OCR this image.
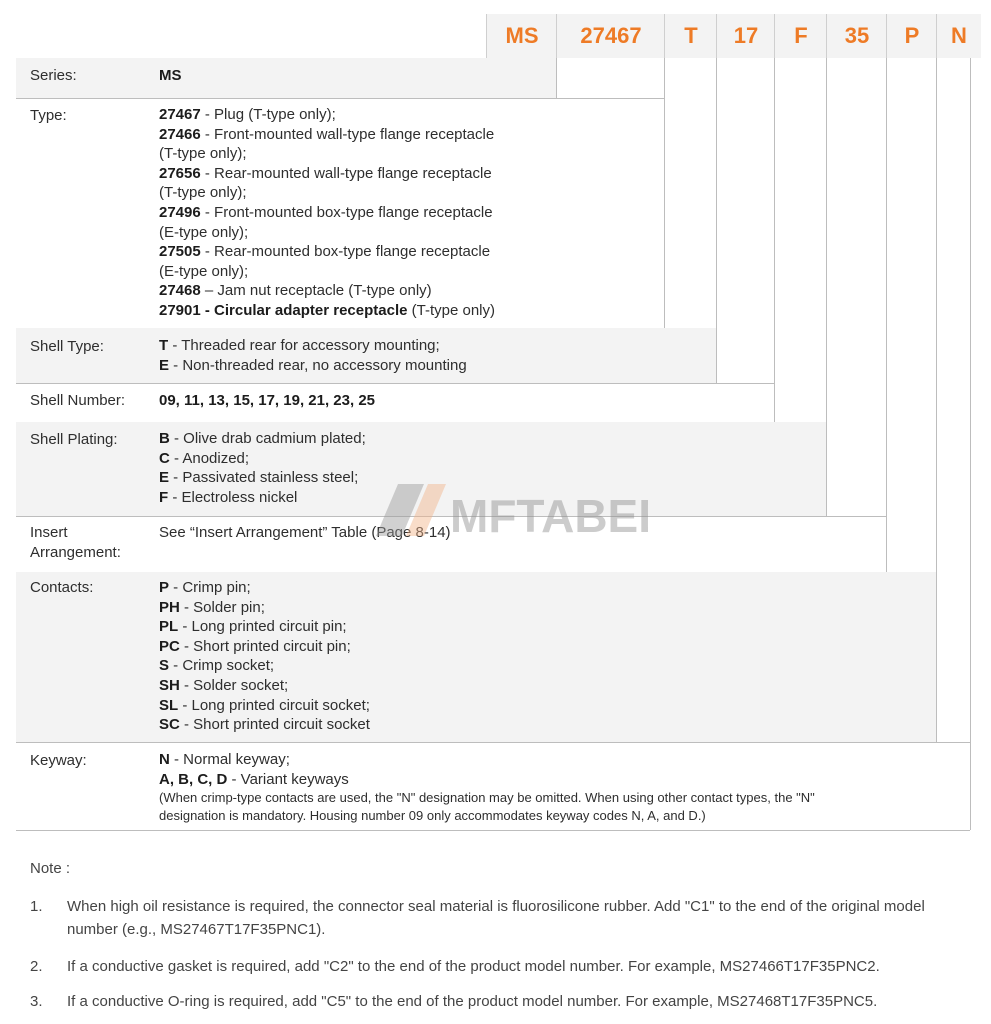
MS	27467	T	17	F	35	P	N
Series:	MS
Type:	27467 - Plug (T-type only);
27466 - Front-mounted wall-type flange receptacle
(T-type only);
27656 - Rear-mounted wall-type flange receptacle
(T-type only);
27496 - Front-mounted box-type flange receptacle
(E-type only);
27505 - Rear-mounted box-type flange receptacle
(E-type only);
27468 – Jam nut receptacle (T-type only)
27901 - Circular adapter receptacle (T-type only)
Shell Type:	T - Threaded rear for accessory mounting;
E - Non-threaded rear, no accessory mounting
Shell Number: 09, 11, 13, 15, 17, 19, 21, 23, 25
Shell Plating:	B - Olive drab cadmium plated;
C - Anodized;
E - Passivated stainless steel;
F - Electroless nickel
Insert Arrangement:
See “Insert Arrangement” Table (Page 8-14)
Contacts:	P - Crimp pin;
PH - Solder pin;
PL - Long printed circuit pin;
PC - Short printed circuit pin;
S - Crimp socket;
SH - Solder socket;
SL - Long printed circuit socket;
SC - Short printed circuit socket
Keyway:	N - Normal keyway;
A, B, C, D - Variant keyways
(When crimp-type contacts are used, the "N" designation may be omitted. When using other contact types, the "N"
designation is mandatory. Housing number 09 only accommodates keyway codes N, A, and D.)
MFTABEE
Note :
1. When high oil resistance is required, the connector seal material is fluorosilicone rubber. Add "C1" to the end of the original model number (e.g., MS27467T17F35PNC1).
2. If a conductive gasket is required, add "C2" to the end of the product model number. For example, MS27466T17F35PNC2.
3. If a conductive O-ring is required, add "C5" to the end of the product model number. For example, MS27468T17F35PNC5.
